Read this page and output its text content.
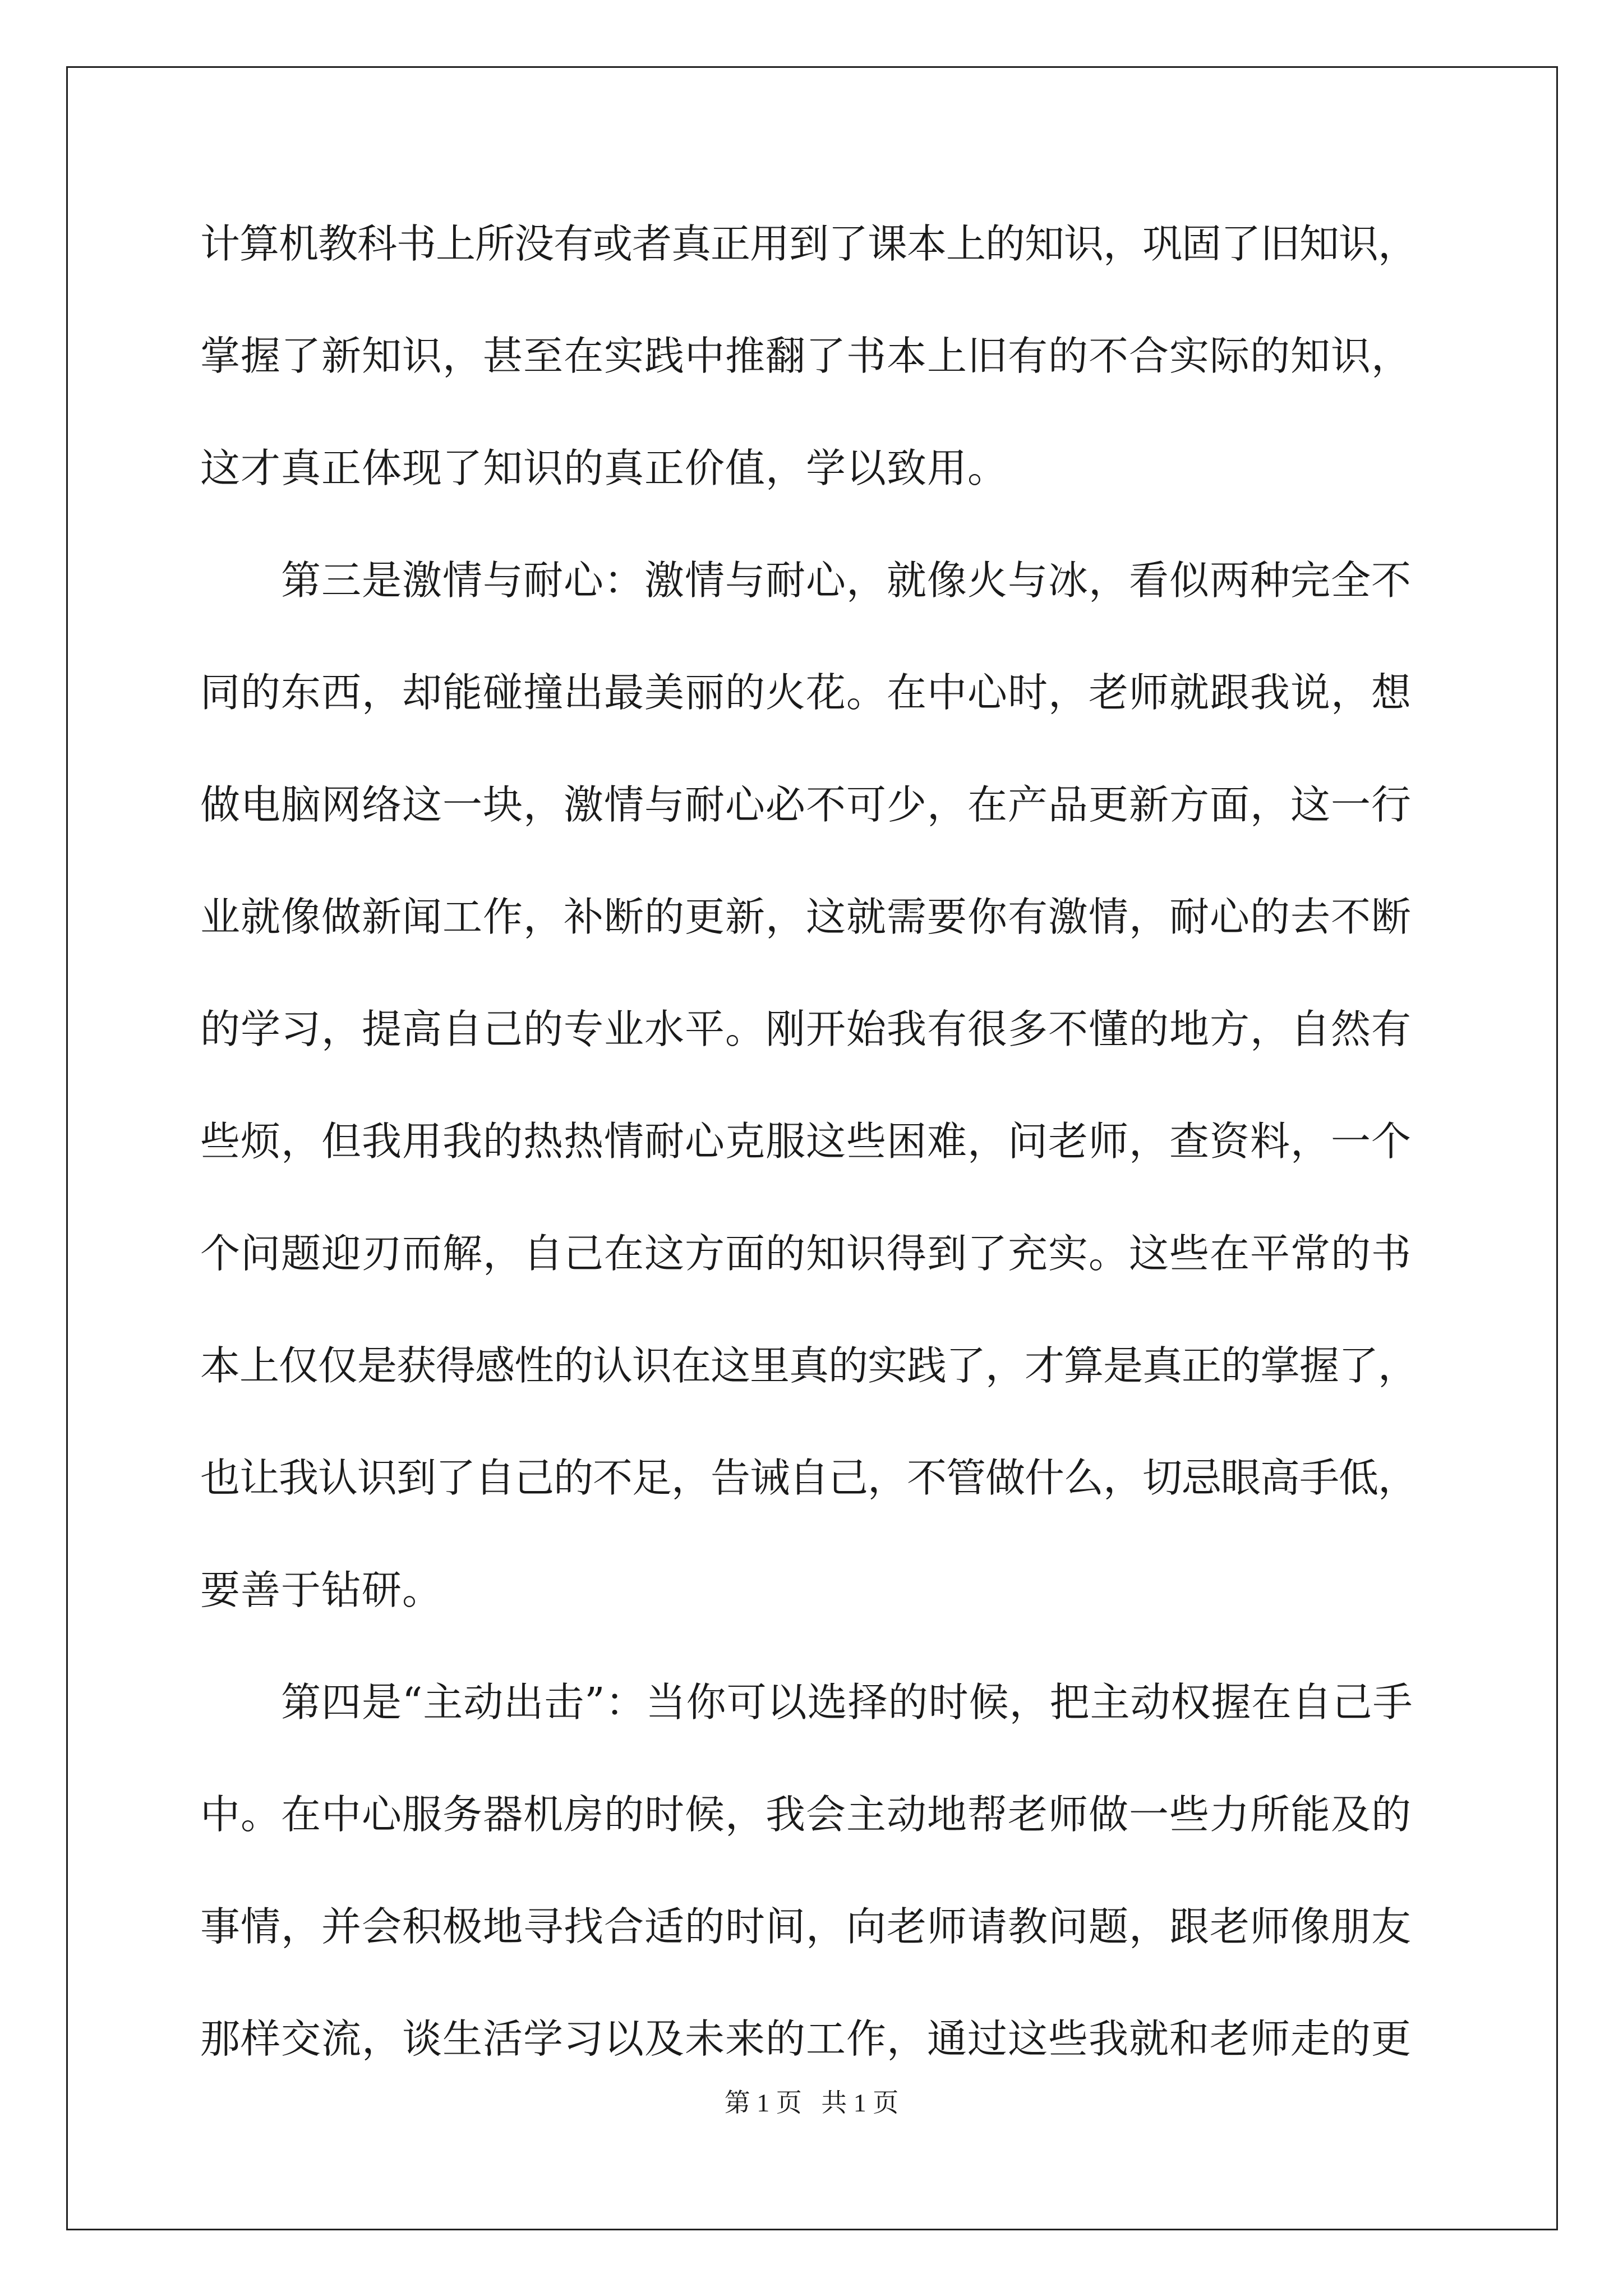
计算机教科书上所没有或者真正用到了课本上的知识，巩固了旧知识，
掌握了新知识，甚至在实践中推翻了书本上旧有的不合实际的知识，
这才真正体现了知识的真正价值，学以致用。
　　第三是激情与耐心：激情与耐心，就像火与冰，看似两种完全不
同的东西，却能碰撞出最美丽的火花。在中心时，老师就跟我说，想
做电脑网络这一块，激情与耐心必不可少，在产品更新方面，这一行
业就像做新闻工作，补断的更新，这就需要你有激情，耐心的去不断
的学习，提高自己的专业水平。刚开始我有很多不懂的地方，自然有
些烦，但我用我的热热情耐心克服这些困难，问老师，查资料，一个
个问题迎刃而解，自己在这方面的知识得到了充实。这些在平常的书
本上仅仅是获得感性的认识在这里真的实践了，才算是真正的掌握了，
也让我认识到了自己的不足，告诫自己，不管做什么，切忌眼高手低，
要善于钻研。
　　第四是“主动出击”：当你可以选择的时候，把主动权握在自己手
中。在中心服务器机房的时候，我会主动地帮老师做一些力所能及的
事情，并会积极地寻找合适的时间，向老师请教问题，跟老师像朋友
那样交流，谈生活学习以及未来的工作，通过这些我就和老师走的更
第 1 页   共 1 页
